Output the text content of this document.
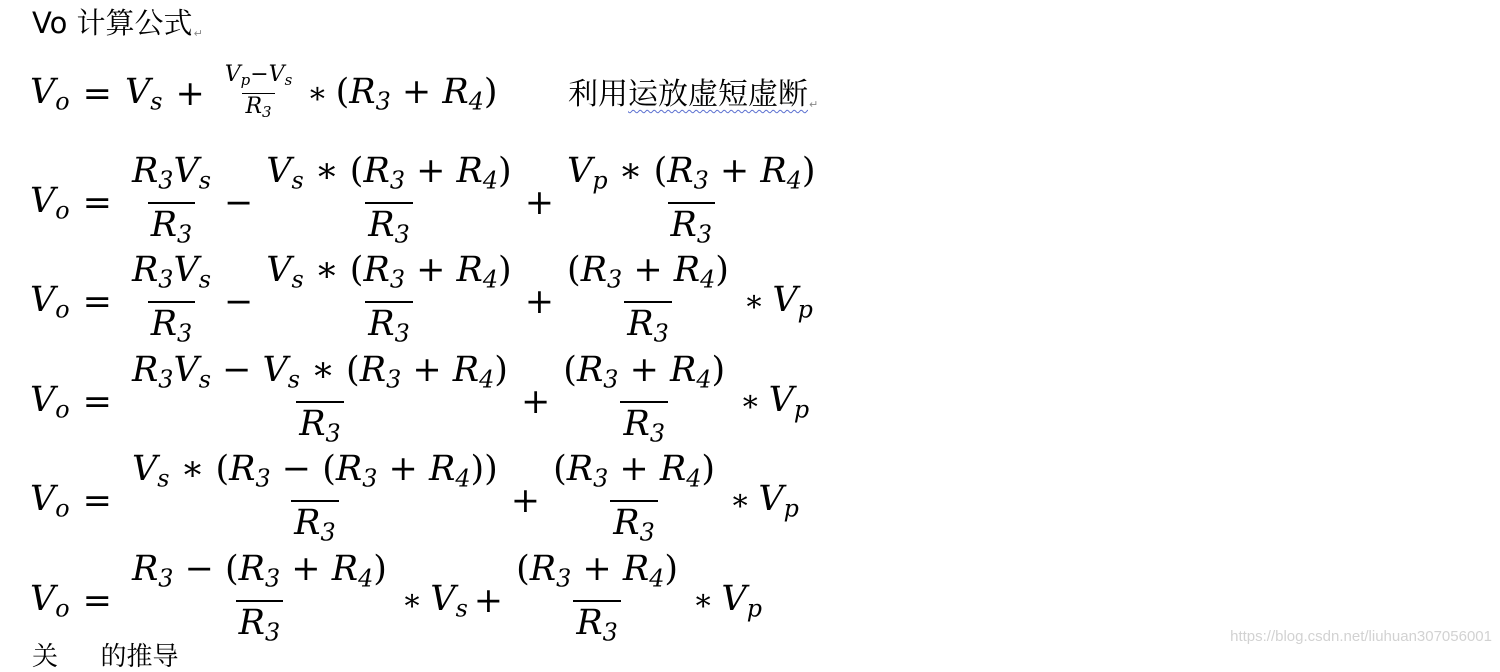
Vo 计算公式↵
$V_o = V_s + \frac{V_p-V_s}{R_3}$ ∗ $(R_3 + R_4)$ 利用运放虚短虚断↵
$V_o = \frac{R_3V_s}{R_3} - \frac{V_s ∗ (R_3 + R_4)}{R_3} + \frac{V_p ∗ (R_3 + R_4)}{R_3}$
$V_o = \frac{R_3V_s}{R_3} - \frac{V_s ∗ (R_3 + R_4)}{R_3} + \frac{(R_3 + R_4)}{R_3}$ ∗ $V_p$
$V_o = \frac{R_3V_s - V_s ∗ (R_3 + R_4)}{R_3} + \frac{(R_3 + R_4)}{R_3}$ ∗ $V_p$
$V_o = \frac{V_s ∗ (R_3 - (R_3 + R_4))}{R_3} + \frac{(R_3 + R_4)}{R_3}$ ∗ $V_p$
$V_o = \frac{R_3 - (R_3 + R_4)}{R_3}$ ∗ $V_s + \frac{(R_3 + R_4)}{R_3}$ ∗ $V_p$
关 　 的推导
https://blog.csdn.net/liuhuan307056001
